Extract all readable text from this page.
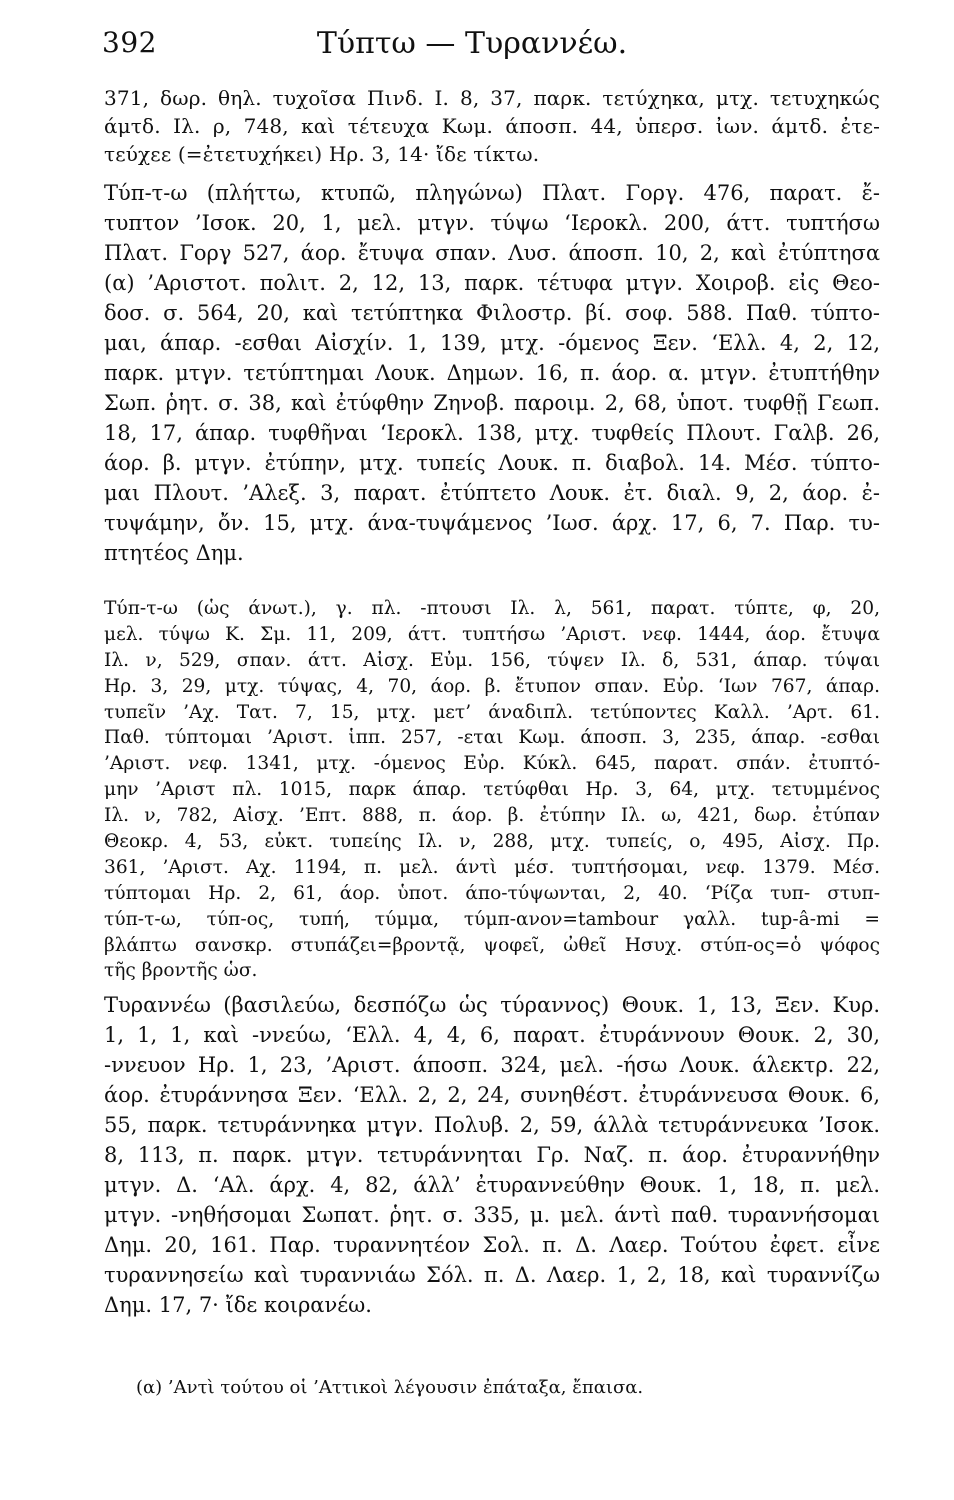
392	Τύπτω — Τυραννέω.
371, δωρ. θηλ. τυχοῖσα Πινδ. Ι. 8, 37, παρκ. τετύχηκα, μτχ. τετυχηκώς
άμτδ. Ιλ. ρ, 748, καὶ τέτευχα Κωμ. άποσπ. 44, ὑπερσ. ἰων. άμτδ. ἐτε-
τεύχεε (=ἐτετυχήκει) Ηρ. 3, 14· ἴδε τίκτω.
Τύπ-τ-ω (πλήττω, κτυπῶ, πληγώνω) Πλατ. Γοργ. 476, παρατ. ἔ-
τυπτον ’Ισοκ. 20, 1, μελ. μτγν. τύψω ‘Ιεροκλ. 200, άττ. τυπτήσω
Πλατ. Γοργ 527, άορ. ἔτυψα σπαν. Λυσ. άποσπ. 10, 2, καὶ ἐτύπτησα
(α) ’Αριστοτ. πολιτ. 2, 12, 13, παρκ. τέτυφα μτγν. Χοιροβ. εἰς Θεο-
δοσ. σ. 564, 20, καὶ τετύπτηκα Φιλοστρ. βί. σοφ. 588. Παθ. τύπτο-
μαι, άπαρ. -εσθαι Αἰσχίν. 1, 139, μτχ. -όμενος Ξεν. ‘Ελλ. 4, 2, 12,
παρκ. μτγν. τετύπτημαι Λουκ. Δημων. 16, π. άορ. α. μτγν. ἐτυπτήθην
Σωπ. ῥητ. σ. 38, καὶ ἐτύφθην Ζηνοβ. παροιμ. 2, 68, ὑποτ. τυφθῇ Γεωπ.
18, 17, άπαρ. τυφθῆναι ‘Ιεροκλ. 138, μτχ. τυφθείς Πλουτ. Γαλβ. 26,
άορ. β. μτγν. ἐτύπην, μτχ. τυπείς Λουκ. π. διαβολ. 14. Μέσ. τύπτο-
μαι Πλουτ. ’Αλεξ. 3, παρατ. ἐτύπτετο Λουκ. ἐτ. διαλ. 9, 2, άορ. ἐ-
τυψάμην, ὄν. 15, μτχ. άνα-τυψάμενος ’Ιωσ. άρχ. 17, 6, 7. Παρ. τυ-
πτητέος Δημ.
Τύπ-τ-ω (ὡς άνωτ.), γ. πλ. -πτουσι Ιλ. λ, 561, παρατ. τύπτε, φ, 20,
μελ. τύψω Κ. Σμ. 11, 209, άττ. τυπτήσω ’Αριστ. νεφ. 1444, άορ. ἔτυψα
Ιλ. ν, 529, σπαν. άττ. Αἰσχ. Εὐμ. 156, τύψεν Ιλ. δ, 531, άπαρ. τύψαι
Ηρ. 3, 29, μτχ. τύψας, 4, 70, άορ. β. ἔτυπον σπαν. Εὐρ. ‘Ιων 767, άπαρ.
τυπεῖν ’Αχ. Τατ. 7, 15, μτχ. μετ’ άναδιπλ. τετύποντες Καλλ. ’Αρτ. 61.
Παθ. τύπτομαι ’Αριστ. ἱππ. 257, -εται Κωμ. άποσπ. 3, 235, άπαρ. -εσθαι
’Αριστ. νεφ. 1341, μτχ. -όμενος Εὐρ. Κύκλ. 645, παρατ. σπάν. ἐτυπτό-
μην ’Αριστ πλ. 1015, παρκ άπαρ. τετύφθαι Ηρ. 3, 64, μτχ. τετυμμένος
Ιλ. ν, 782, Αἰσχ. ’Επτ. 888, π. άορ. β. ἐτύπην Ιλ. ω, 421, δωρ. ἐτύπαν
Θεοκρ. 4, 53, εὐκτ. τυπείης Ιλ. ν, 288, μτχ. τυπείς, ο, 495, Αἰσχ. Πρ.
361, ’Αριστ. Αχ. 1194, π. μελ. άντὶ μέσ. τυπτήσομαι, νεφ. 1379. Μέσ.
τύπτομαι Ηρ. 2, 61, άορ. ὑποτ. άπο-τύψωνται, 2, 40. ‘Ρίζα τυπ- στυπ-
τύπ-τ-ω, τύπ-ος, τυπή, τύμμα, τύμπ-ανον=tambour γαλλ. tup-â-mi =
βλάπτω σανσκρ. στυπάζει=βροντᾷ, ψοφεῖ, ὠθεῖ Ησυχ. στύπ-ος=ὁ ψόφος
τῆς βροντῆς ὡσ.
Τυραννέω (βασιλεύω, δεσπόζω ὡς τύραννος) Θουκ. 1, 13, Ξεν. Κυρ.
1, 1, 1, καὶ -ννεύω, ‘Ελλ. 4, 4, 6, παρατ. ἐτυράννουν Θουκ. 2, 30,
-ννευον Ηρ. 1, 23, ’Αριστ. άποσπ. 324, μελ. -ήσω Λουκ. άλεκτρ. 22,
άορ. ἐτυράννησα Ξεν. ‘Ελλ. 2, 2, 24, συνηθέστ. ἐτυράννευσα Θουκ. 6,
55, παρκ. τετυράννηκα μτγν. Πολυβ. 2, 59, άλλὰ τετυράννευκα ’Ισοκ.
8, 113, π. παρκ. μτγν. τετυράννηται Γρ. Ναζ. π. άορ. ἐτυραννήθην
μτγν. Δ. ‘Αλ. άρχ. 4, 82, άλλ’ ἐτυραννεύθην Θουκ. 1, 18, π. μελ.
μτγν. -νηθήσομαι Σωπατ. ῥητ. σ. 335, μ. μελ. άντὶ παθ. τυραννήσομαι
Δημ. 20, 161. Παρ. τυραννητέον Σολ. π. Δ. Λαερ. Τούτου ἐφετ. εἶνε
τυραννησείω καὶ τυραννιάω Σόλ. π. Δ. Λαερ. 1, 2, 18, καὶ τυραννίζω
Δημ. 17, 7· ἴδε κοιρανέω.
(α) ’Αντὶ τούτου οἱ ’Αττικοὶ λέγουσιν ἐπάταξα, ἔπαισα.
